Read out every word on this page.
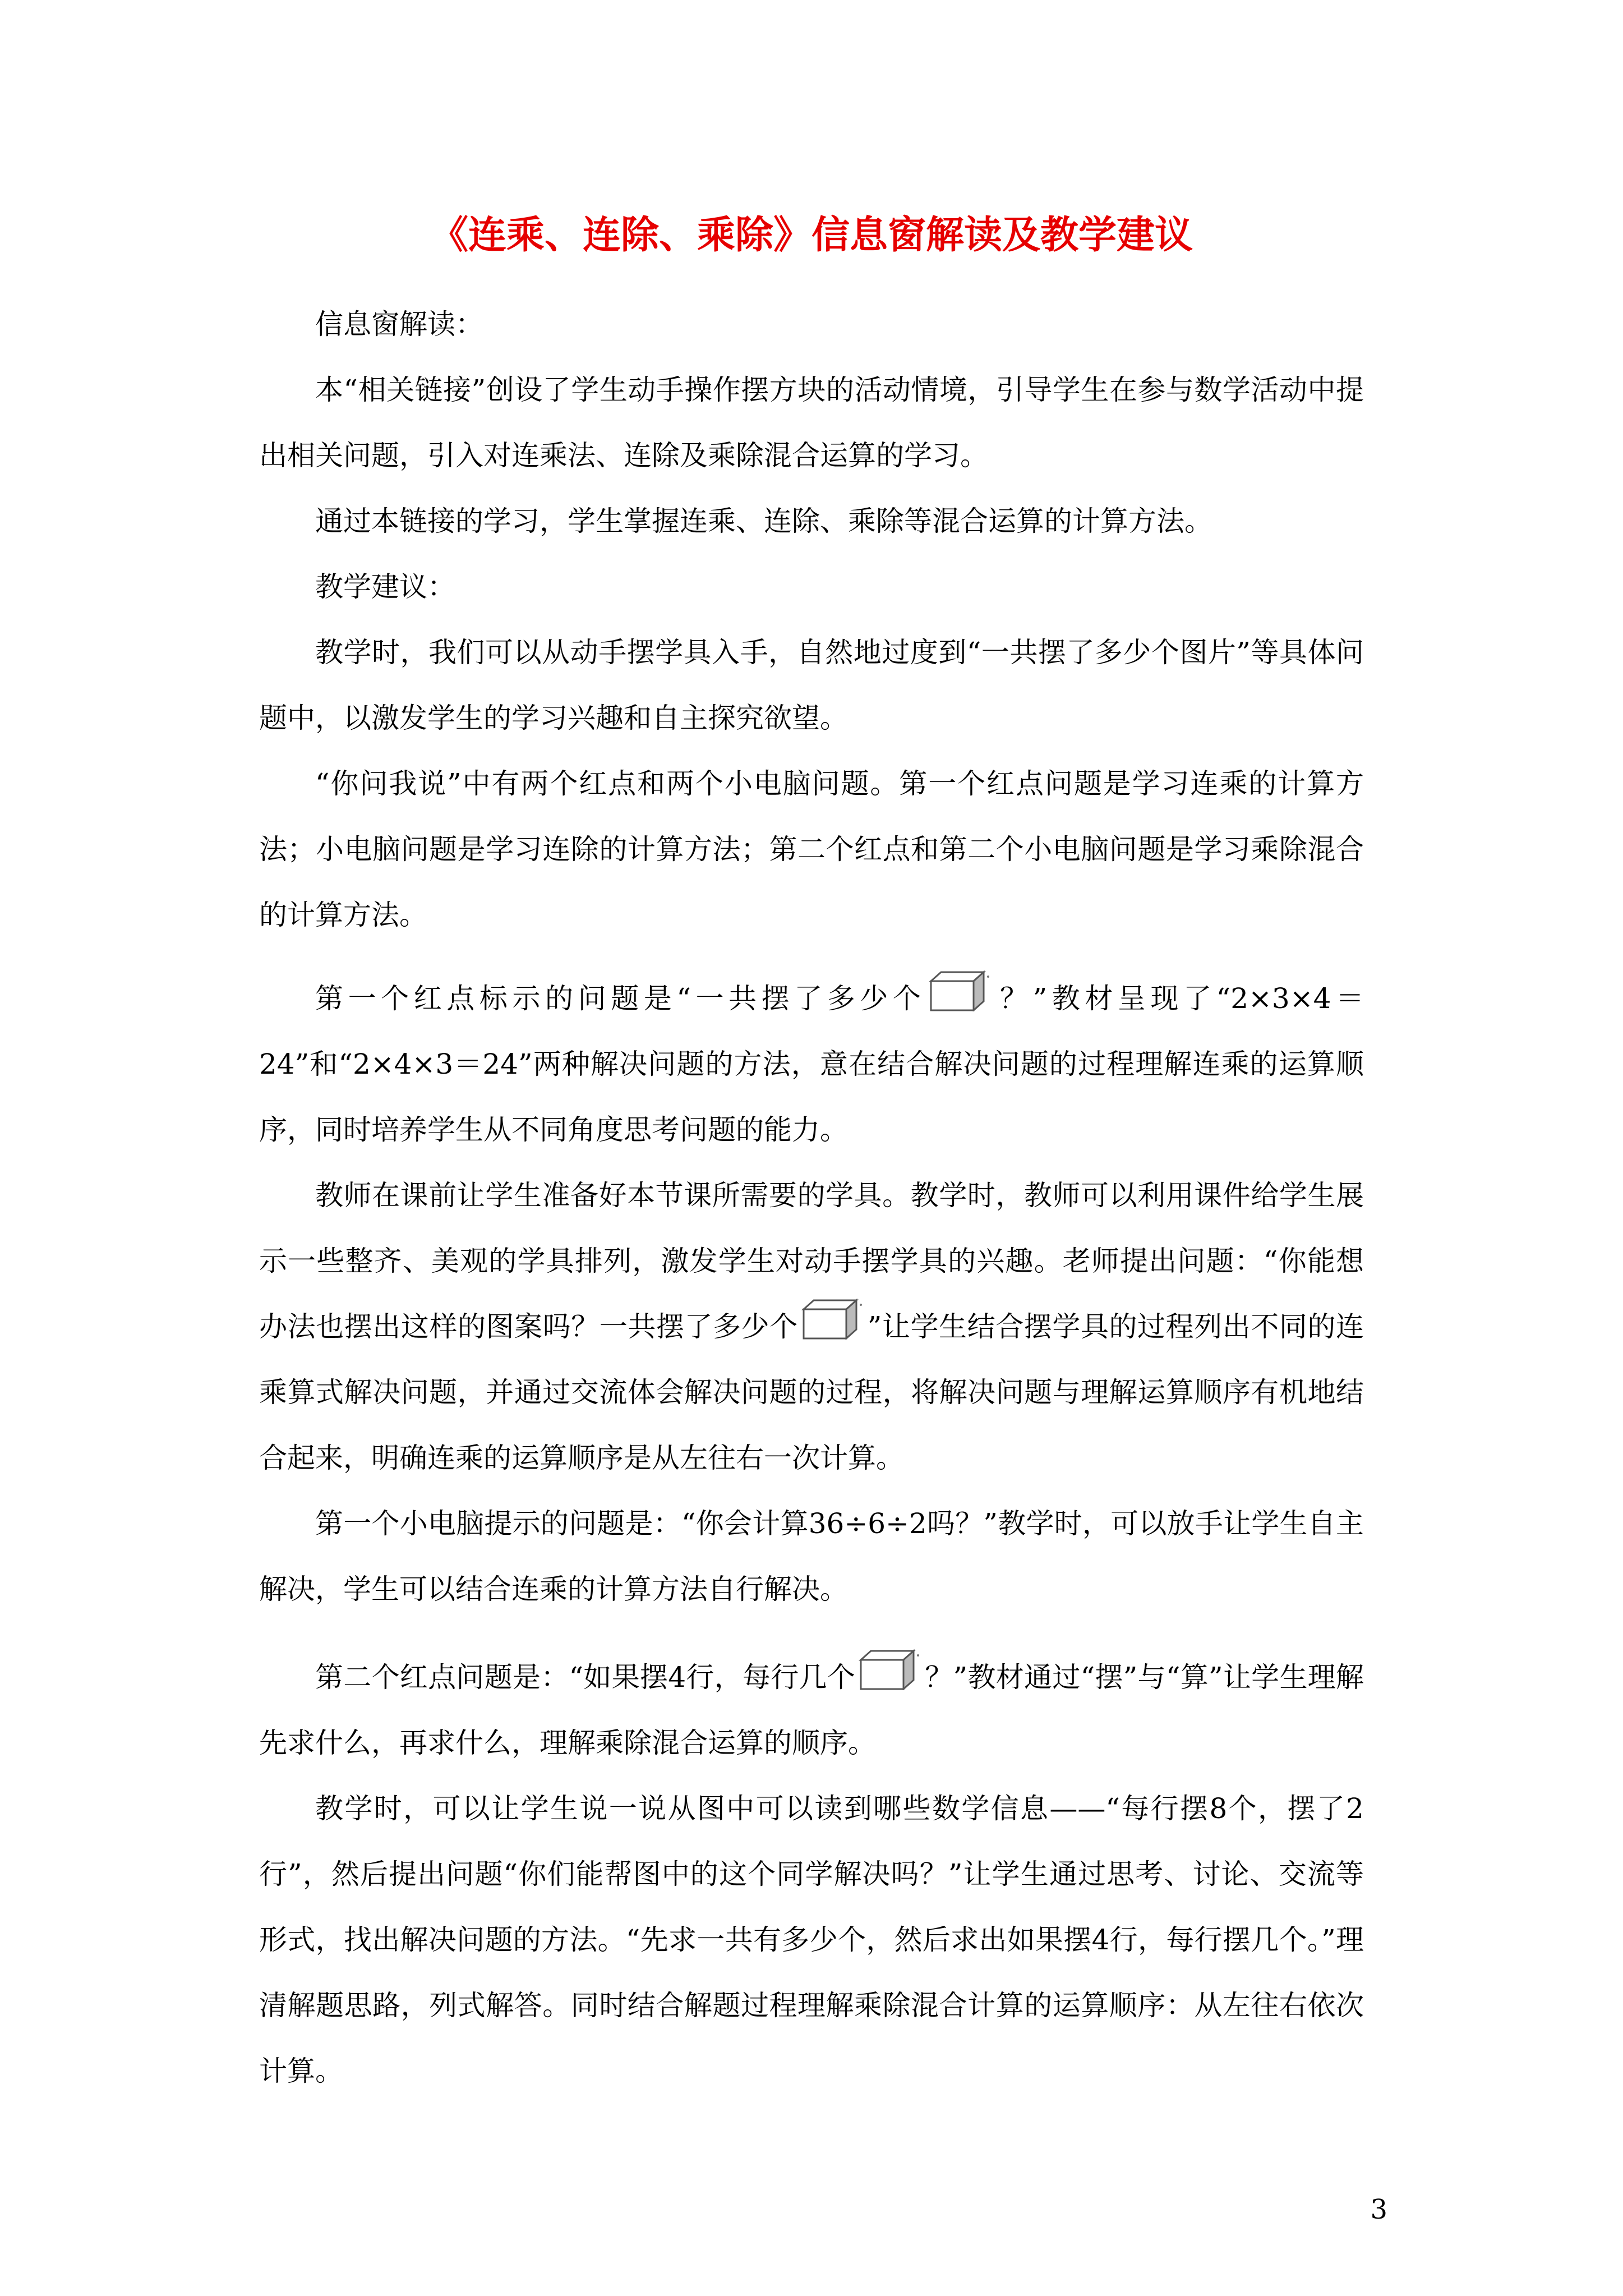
《连乘、连除、乘除》信息窗解读及教学建议

信息窗解读：

本“相关链接”创设了学生动手操作摆方块的活动情境，引导学生在参与数学活动中提出相关问题，引入对连乘法、连除及乘除混合运算的学习。

通过本链接的学习，学生掌握连乘、连除、乘除等混合运算的计算方法。

教学建议：

教学时，我们可以从动手摆学具入手，自然地过度到“一共摆了多少个图片”等具体问题中，以激发学生的学习兴趣和自主探究欲望。

“你问我说”中有两个红点和两个小电脑问题。第一个红点问题是学习连乘的计算方法；小电脑问题是学习连除的计算方法；第二个红点和第二个小电脑问题是学习乘除混合的计算方法。

第一个红点标示的问题是“一共摆了多少个 ？”教材呈现了“2×3×4＝24”和“2×4×3＝24”两种解决问题的方法，意在结合解决问题的过程理解连乘的运算顺序，同时培养学生从不同角度思考问题的能力。

教师在课前让学生准备好本节课所需要的学具。教学时，教师可以利用课件给学生展示一些整齐、美观的学具排列，激发学生对动手摆学具的兴趣。老师提出问题：“你能想办法也摆出这样的图案吗？一共摆了多少个 ”让学生结合摆学具的过程列出不同的连乘算式解决问题，并通过交流体会解决问题的过程，将解决问题与理解运算顺序有机地结合起来，明确连乘的运算顺序是从左往右一次计算。

第一个小电脑提示的问题是：“你会计算36÷6÷2吗？”教学时，可以放手让学生自主解决，学生可以结合连乘的计算方法自行解决。

第二个红点问题是：“如果摆4行，每行几个 ？”教材通过“摆”与“算”让学生理解先求什么，再求什么，理解乘除混合运算的顺序。

教学时，可以让学生说一说从图中可以读到哪些数学信息——“每行摆8个，摆了2行”，然后提出问题“你们能帮图中的这个同学解决吗？”让学生通过思考、讨论、交流等形式，找出解决问题的方法。“先求一共有多少个，然后求出如果摆4行，每行摆几个。”理清解题思路，列式解答。同时结合解题过程理解乘除混合计算的运算顺序：从左往右依次计算。

3
